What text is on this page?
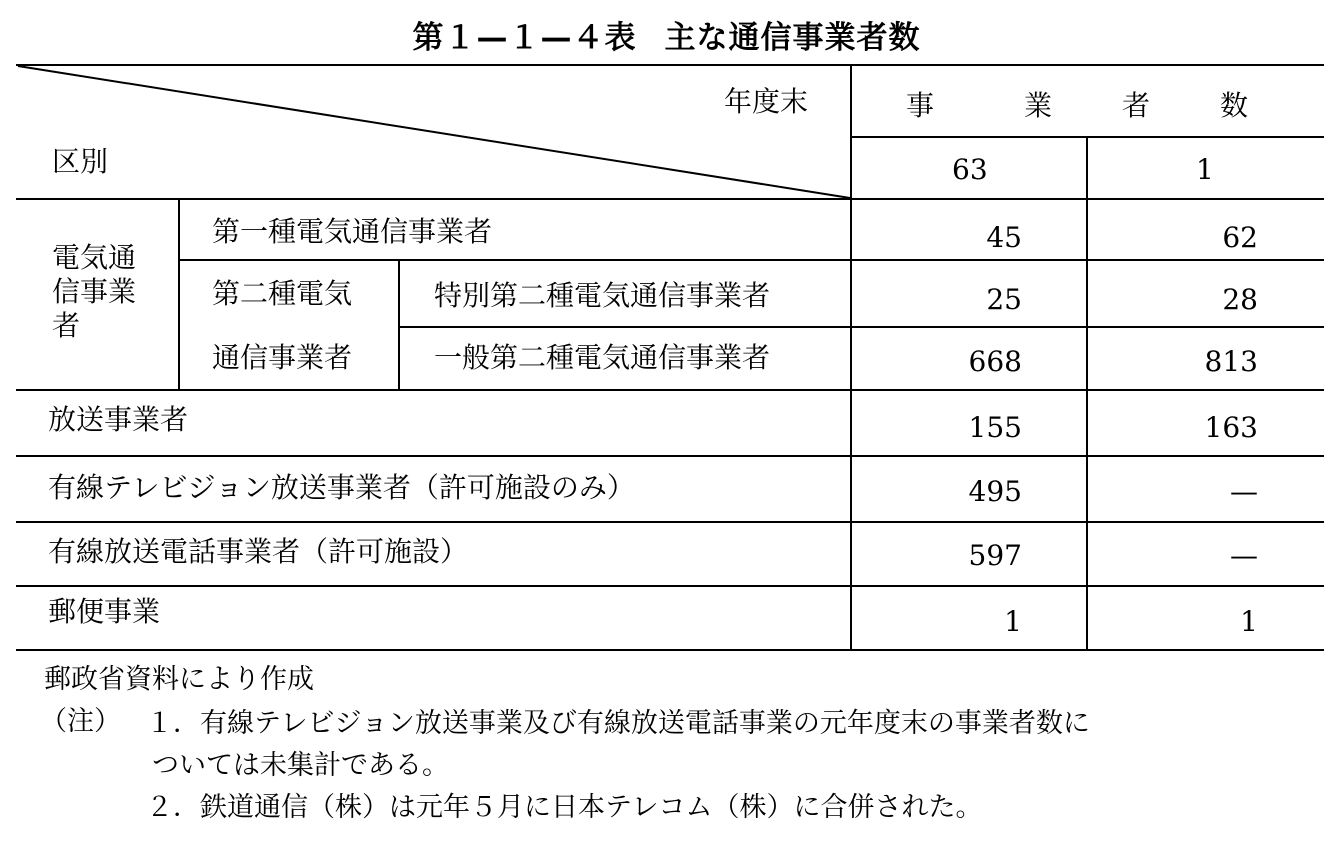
第１—１—４表 主な通信事業者数
年度末
区別
事	業 者 数
63	1
電気通
信事業
者
第一種電気通信事業者	45	62
第二種電気
通信事業者
特別第二種電気通信事業者	25	28
一般第二種電気通信事業者	668	813
放送事業者	155	163
有線テレビジョン放送事業者（許可施設のみ）	495	—
有線放送電話事業者（許可施設）	597	—
郵便事業	1	1
郵政省資料により作成
（注） １．有線テレビジョン放送事業及び有線放送電話事業の元年度末の事業者数に
ついては未集計である。
２．鉄道通信（株）は元年５月に日本テレコム（株）に合併された。
